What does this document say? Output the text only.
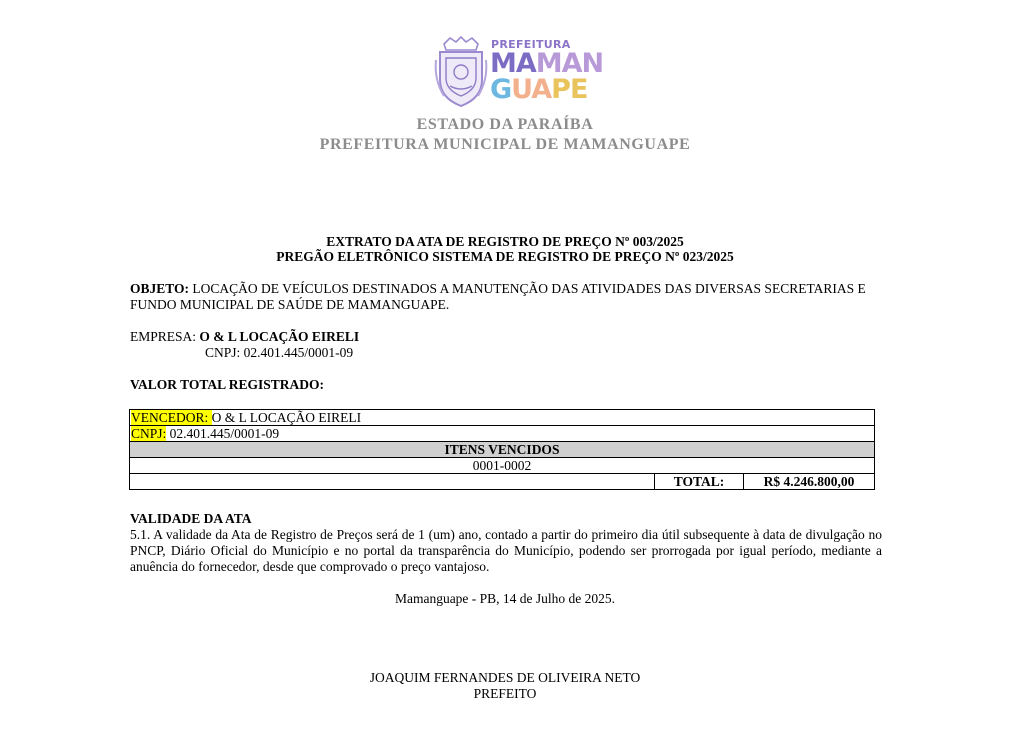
PREFEITURA
MAMAN
GUAPE
ESTADO DA PARAÍBA
PREFEITURA MUNICIPAL DE MAMANGUAPE
EXTRATO DA ATA DE REGISTRO DE PREÇO Nº 003/2025
PREGÃO ELETRÔNICO SISTEMA DE REGISTRO DE PREÇO Nº 023/2025
OBJETO: LOCAÇÃO DE VEÍCULOS DESTINADOS A MANUTENÇÃO DAS ATIVIDADES DAS DIVERSAS SECRETARIAS E FUNDO MUNICIPAL DE SAÚDE DE MAMANGUAPE.
EMPRESA: O & L LOCAÇÃO EIRELI
CNPJ: 02.401.445/0001-09
VALOR TOTAL REGISTRADO:
VENCEDOR: O & L LOCAÇÃO EIRELI
CNPJ: 02.401.445/0001-09
ITENS VENCIDOS
0001-0002
	TOTAL:	R$ 4.246.800,00
VALIDADE DA ATA
5.1. A validade da Ata de Registro de Preços será de 1 (um) ano, contado a partir do primeiro dia útil subsequente à data de divulgação no PNCP, Diário Oficial do Município e no portal da transparência do Município, podendo ser prorrogada por igual período, mediante a anuência do fornecedor, desde que comprovado o preço vantajoso.
Mamanguape - PB, 14 de Julho de 2025.
JOAQUIM FERNANDES DE OLIVEIRA NETO
PREFEITO
